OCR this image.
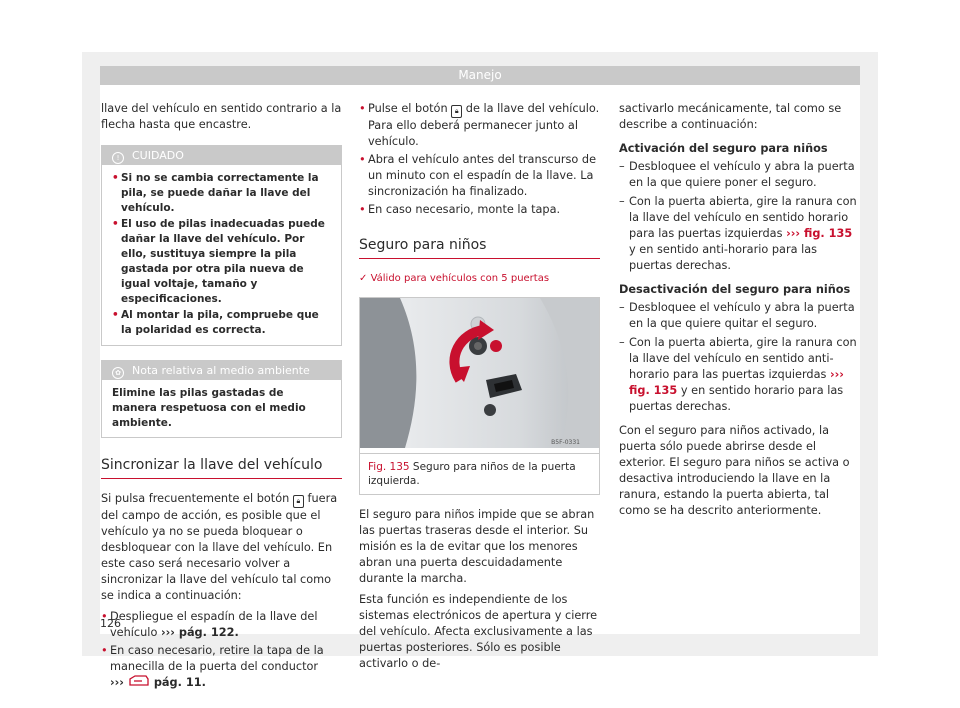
Manejo

llave del vehículo en sentido contrario a la flecha hasta que encastre.

! CUIDADO
• Si no se cambia correctamente la pila, se puede dañar la llave del vehículo.
• El uso de pilas inadecuadas puede dañar la llave del vehículo. Por ello, sustituya siempre la pila gastada por otra pila nueva de igual voltaje, tamaño y especificaciones.
• Al montar la pila, compruebe que la polaridad es correcta.
✿ Nota relativa al medio ambiente
Elimine las pilas gastadas de manera respetuosa con el medio ambiente.
Sincronizar la llave del vehículo

Si pulsa frecuentemente el botón 🔒︎ fuera del campo de acción, es posible que el vehículo ya no se pueda bloquear o desbloquear con la llave del vehículo. En este caso será necesario volver a sincronizar la llave del vehículo tal como se indica a continuación:

• Despliegue el espadín de la llave del vehículo ››› pág. 122.
• En caso necesario, retire la tapa de la manecilla de la puerta del conductor
›››	pág. 11.
• Pulse el botón 🔒︎ de la llave del vehículo. Para ello deberá permanecer junto al vehículo.
• Abra el vehículo antes del transcurso de un minuto con el espadín de la llave. La sincronización ha finalizado.
• En caso necesario, monte la tapa.
Seguro para niños
✓ Válido para vehículos con 5 puertas
B5F-0331
Fig. 135 Seguro para niños de la puerta izquierda.

El seguro para niños impide que se abran las puertas traseras desde el interior. Su misión es la de evitar que los menores abran una puerta descuidadamente durante la marcha.

Esta función es independiente de los sistemas electrónicos de apertura y cierre del vehículo. Afecta exclusivamente a las puertas posteriores. Sólo es posible activarlo o de-

sactivarlo mecánicamente, tal como se describe a continuación:

Activación del seguro para niños
– Desbloquee el vehículo y abra la puerta en la que quiere poner el seguro.
– Con la puerta abierta, gire la ranura con la llave del vehículo en sentido horario para las puertas izquierdas ››› fig. 135 y en sentido anti-horario para las puertas derechas.
Desactivación del seguro para niños
– Desbloquee el vehículo y abra la puerta en la que quiere quitar el seguro.
– Con la puerta abierta, gire la ranura con la llave del vehículo en sentido anti-horario para las puertas izquierdas ››› fig. 135 y en sentido horario para las puertas derechas.

Con el seguro para niños activado, la puerta sólo puede abrirse desde el exterior. El seguro para niños se activa o desactiva introduciendo la llave en la ranura, estando la puerta abierta, tal como se ha descrito anteriormente.

126
